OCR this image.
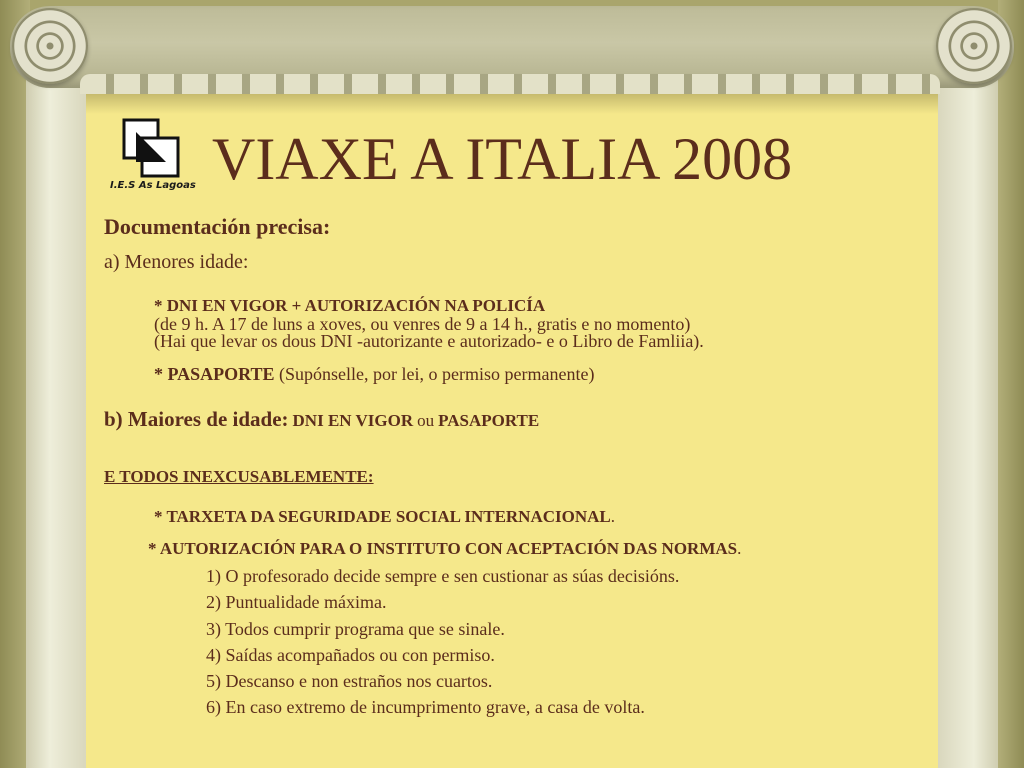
I.E.S As Lagoas VIAXE A ITALIA 2008
Documentación precisa:
a) Menores idade:
* DNI EN VIGOR + AUTORIZACIÓN NA POLICÍA
(de 9 h. A 17 de luns a xoves, ou venres de 9 a 14 h., gratis e no momento)
(Hai que levar os dous DNI -autorizante e autorizado- e o Libro de Famliia).
* PASAPORTE (Supónselle, por lei, o permiso permanente)
b) Maiores de idade: DNI EN VIGOR ou PASAPORTE
E TODOS INEXCUSABLEMENTE:
* TARXETA DA SEGURIDADE SOCIAL INTERNACIONAL.
* AUTORIZACIÓN PARA O INSTITUTO CON ACEPTACIÓN DAS NORMAS.
1) O profesorado decide sempre e sen custionar as súas decisións.
2) Puntualidade máxima.
3) Todos cumprir programa que se sinale.
4) Saídas acompañados ou con permiso.
5) Descanso e non estraños nos cuartos.
6) En caso extremo de incumprimento grave, a casa de volta.
